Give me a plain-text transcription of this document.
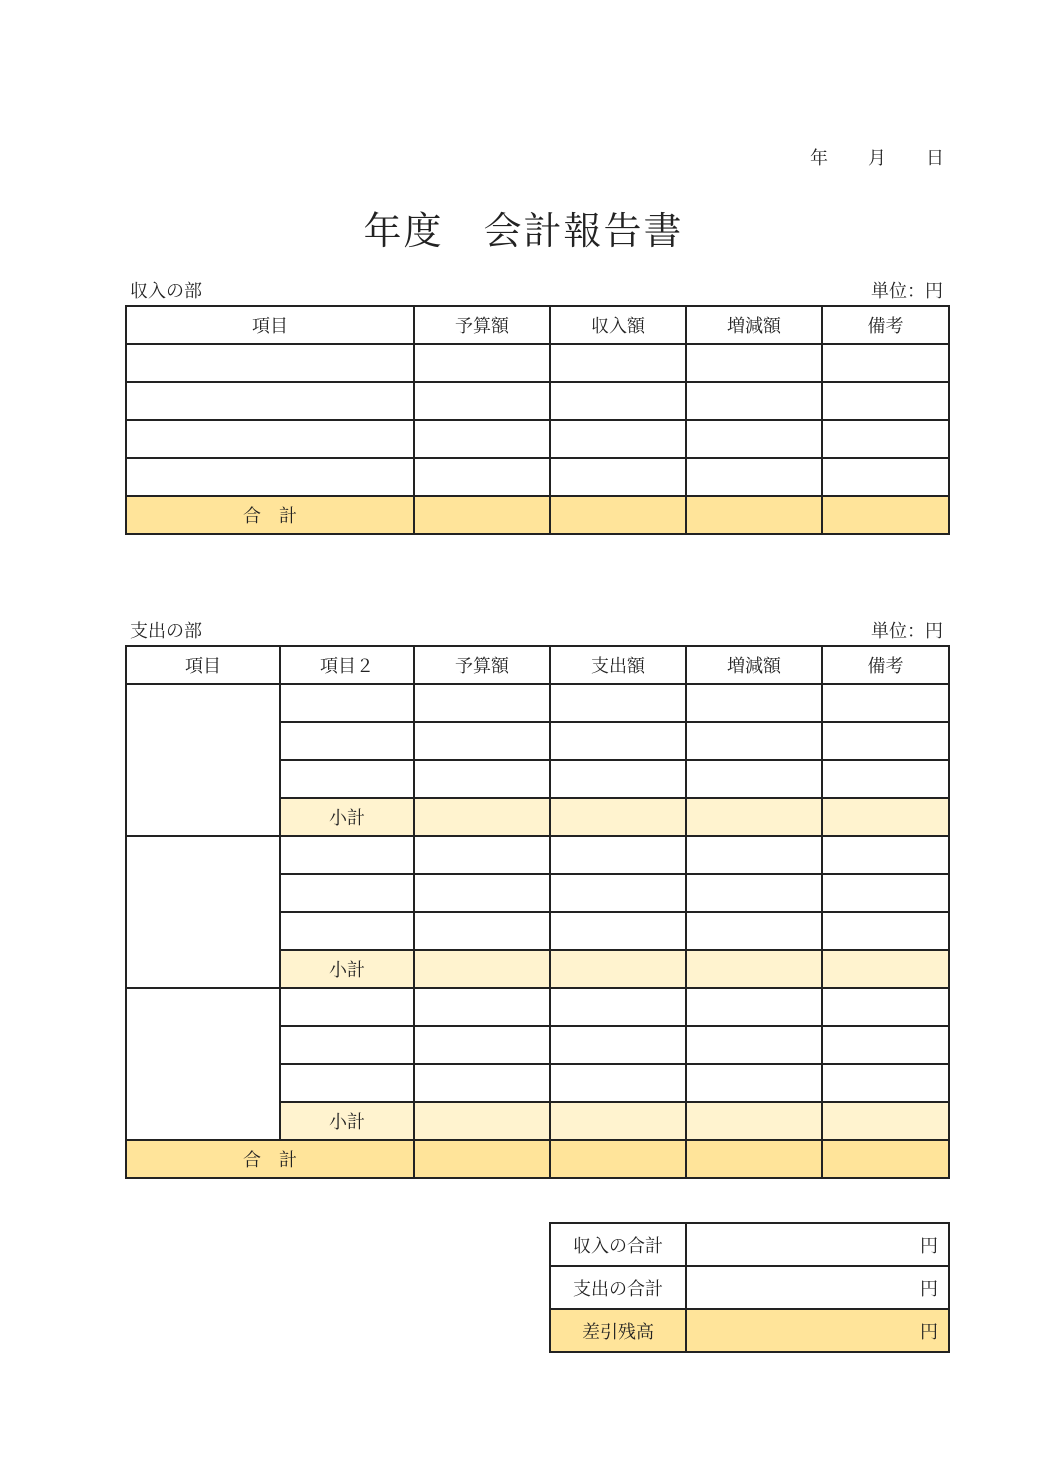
年 月 日
年度 会計報告書
収入の部	単位：円
項目	予算額	収入額	増減額	備考

合　計				
支出の部	単位：円
項目	項目２	予算額	支出額	増減額	備考

	小計				

	小計				

	小計				
合　計					
収入の合計	円
支出の合計	円
差引残高	円
